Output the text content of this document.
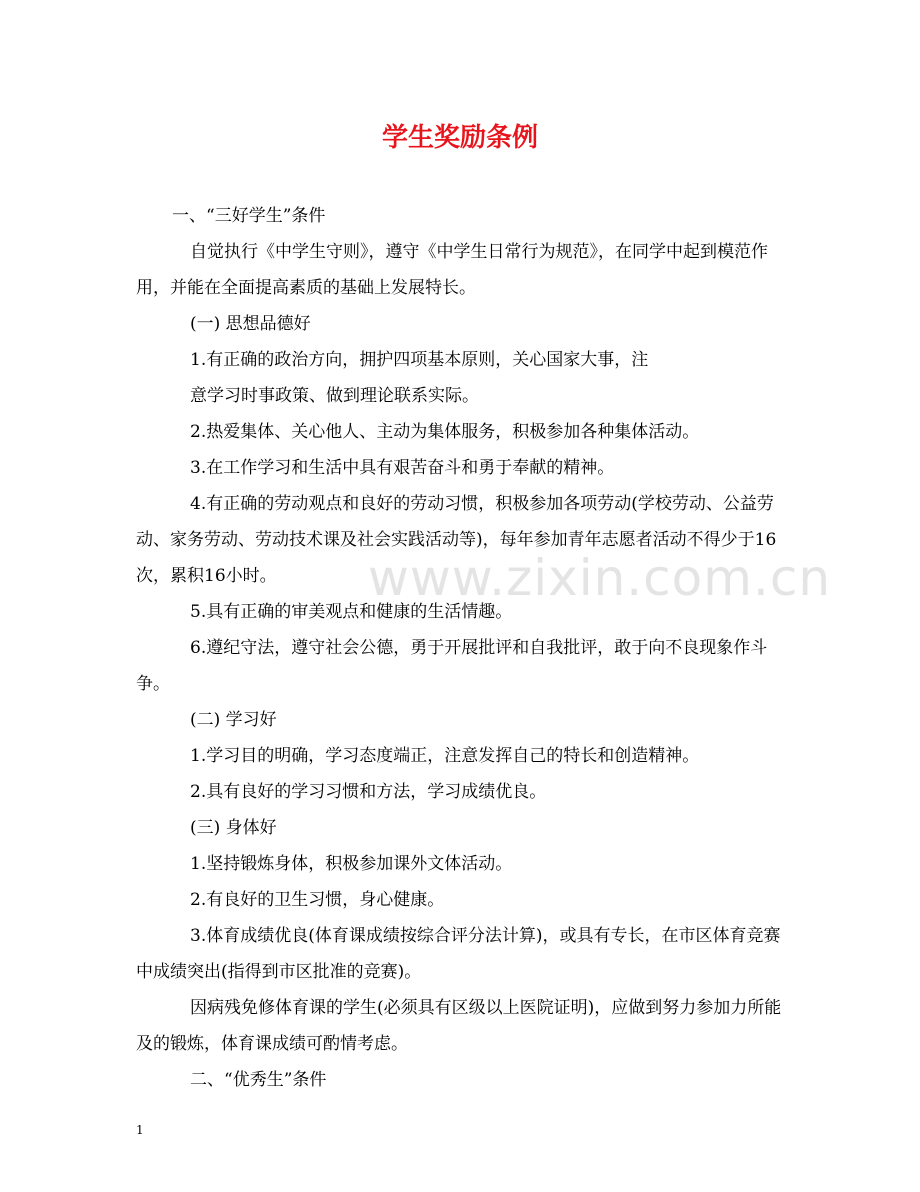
www.zixin.com.cn
学生奖励条例

一、“三好学生”条件

自觉执行《中学生守则》，遵守《中学生日常行为规范》，在同学中起到模范作用，并能在全面提高素质的基础上发展特长。

(一) 思想品德好

1.有正确的政治方向，拥护四项基本原则，关心国家大事，注

意学习时事政策、做到理论联系实际。

2.热爱集体、关心他人、主动为集体服务，积极参加各种集体活动。

3.在工作学习和生活中具有艰苦奋斗和勇于奉献的精神。

4.有正确的劳动观点和良好的劳动习惯，积极参加各项劳动(学校劳动、公益劳动、家务劳动、劳动技术课及社会实践活动等)，每年参加青年志愿者活动不得少于16次，累积16小时。

5.具有正确的审美观点和健康的生活情趣。

6.遵纪守法，遵守社会公德，勇于开展批评和自我批评，敢于向不良现象作斗争。

(二) 学习好

1.学习目的明确，学习态度端正，注意发挥自己的特长和创造精神。

2.具有良好的学习习惯和方法，学习成绩优良。

(三) 身体好

1.坚持锻炼身体，积极参加课外文体活动。

2.有良好的卫生习惯，身心健康。

3.体育成绩优良(体育课成绩按综合评分法计算)，或具有专长，在市区体育竞赛中成绩突出(指得到市区批准的竞赛)。

因病残免修体育课的学生(必须具有区级以上医院证明)，应做到努力参加力所能及的锻炼，体育课成绩可酌情考虑。

二、“优秀生”条件

1
